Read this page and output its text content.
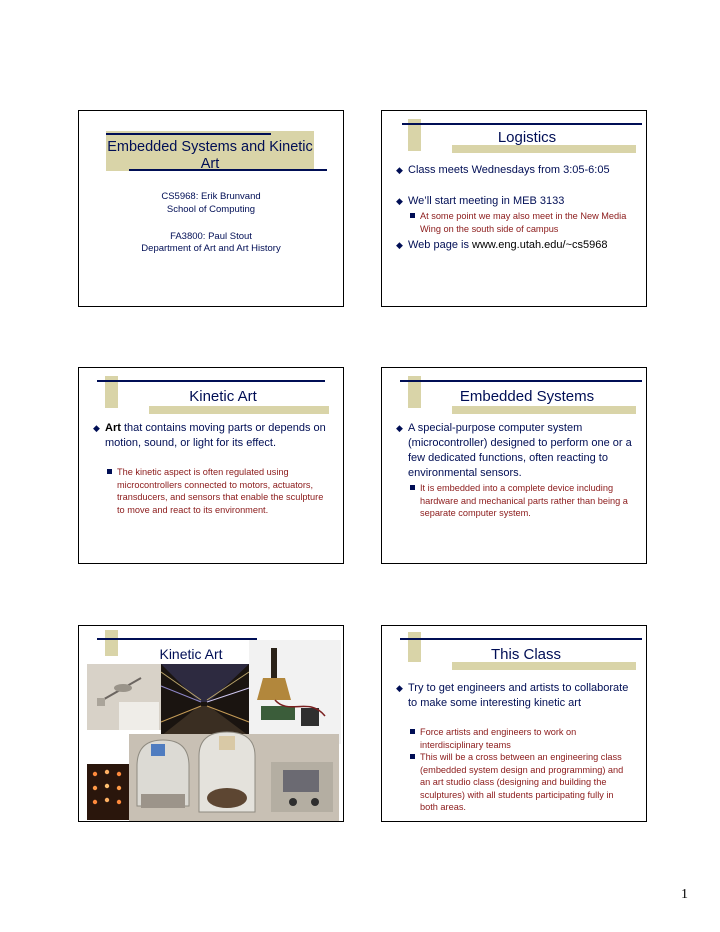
Embedded Systems and Kinetic Art
CS5968: Erik Brunvand
School of Computing
FA3800: Paul Stout
Department of Art and Art History
Logistics
◆ Class meets Wednesdays from 3:05-6:05
◆ We’ll start meeting in MEB 3133
At some point we may also meet in the New Media Wing on the south side of campus
◆ Web page is www.eng.utah.edu/~cs5968
Kinetic Art
◆ Art that contains moving parts or depends on motion, sound, or light for its effect.
The kinetic aspect is often regulated using microcontrollers connected to motors, actuators, transducers, and sensors that enable the sculpture to move and react to its environment.
Embedded Systems
◆ A special-purpose computer system (microcontroller) designed to perform one or a few dedicated functions, often reacting to environmental sensors.
It is embedded into a complete device including hardware and mechanical parts rather than being a separate computer system.
Kinetic Art	This Class
◆ Try to get engineers and artists to collaborate to make some interesting kinetic art
Force artists and engineers to work on interdisciplinary teams
This will be a cross between an engineering class (embedded system design and programming) and an art studio class (designing and building the sculptures) with all students participating fully in both areas.
1
